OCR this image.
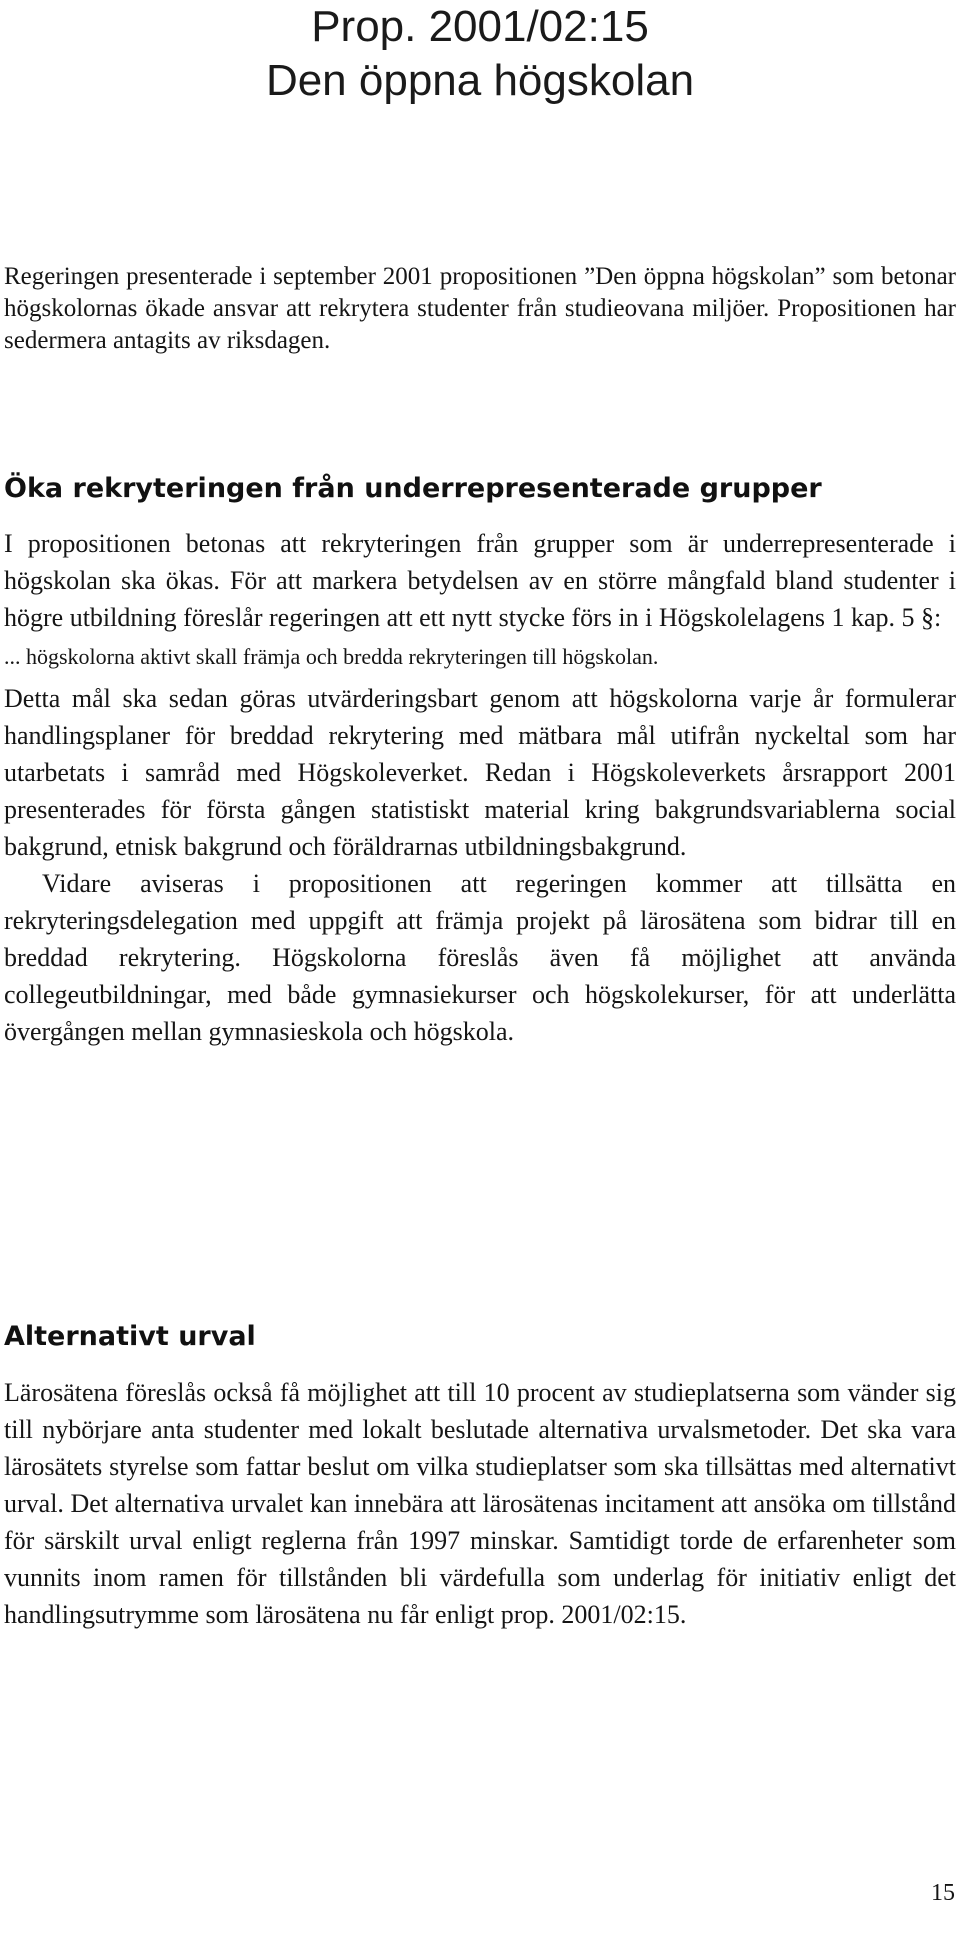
Prop. 2001/02:15
Den öppna högskolan

Regeringen presenterade i september 2001 propositionen ”Den öppna högskolan” som betonar högskolornas ökade ansvar att rekrytera studenter från studieovana miljöer. Propositionen har sedermera antagits av riksdagen.

Öka rekryteringen från underrepresenterade grupper

I propositionen betonas att rekryteringen från grupper som är underrepresenterade i högskolan ska ökas. För att markera betydelsen av en större mångfald bland studenter i högre utbildning föreslår regeringen att ett nytt stycke förs in i Högskolelagens 1 kap. 5 §:

... högskolorna aktivt skall främja och bredda rekryteringen till högskolan.

Detta mål ska sedan göras utvärderingsbart genom att högskolorna varje år formulerar handlingsplaner för breddad rekrytering med mätbara mål utifrån nyckeltal som har utarbetats i samråd med Högskoleverket. Redan i Högskoleverkets årsrapport 2001 presenterades för första gången statistiskt material kring bakgrundsvariablerna social bakgrund, etnisk bakgrund och föräldrarnas utbildningsbakgrund.

Vidare aviseras i propositionen att regeringen kommer att tillsätta en rekryteringsdelegation med uppgift att främja projekt på lärosätena som bidrar till en breddad rekrytering. Högskolorna föreslås även få möjlighet att använda collegeutbildningar, med både gymnasiekurser och högskolekurser, för att underlätta övergången mellan gymnasieskola och högskola.

Alternativt urval

Lärosätena föreslås också få möjlighet att till 10 procent av studieplatserna som vänder sig till nybörjare anta studenter med lokalt beslutade alternativa urvalsmetoder. Det ska vara lärosätets styrelse som fattar beslut om vilka studieplatser som ska tillsättas med alternativt urval. Det alternativa urvalet kan innebära att lärosätenas incitament att ansöka om tillstånd för särskilt urval enligt reglerna från 1997 minskar. Samtidigt torde de erfarenheter som vunnits inom ramen för tillstånden bli värdefulla som underlag för initiativ enligt det handlingsutrymme som lärosätena nu får enligt prop. 2001/02:15.

15
